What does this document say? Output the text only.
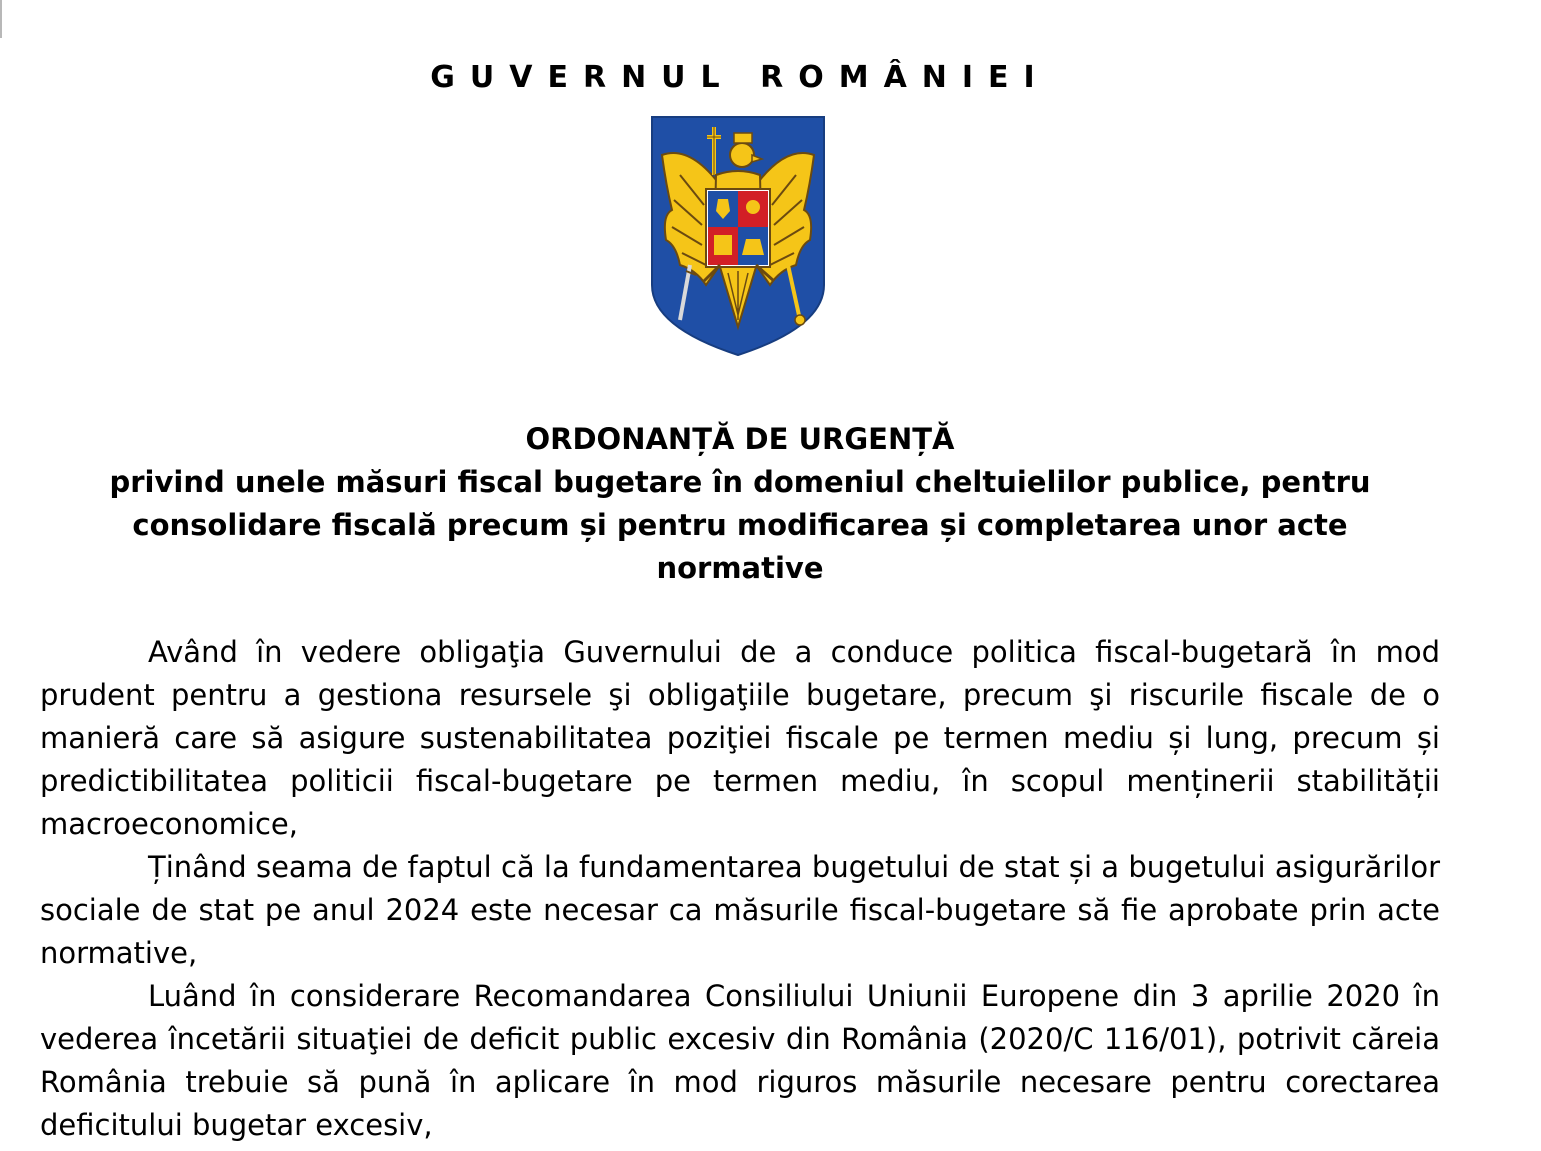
GUVERNUL ROMÂNIEI
ORDONANȚĂ DE URGENȚĂ
privind unele măsuri fiscal bugetare în domeniul cheltuielilor publice, pentru
consolidare fiscală precum și pentru modificarea și completarea unor acte
normative

Având în vedere obligaţia Guvernului de a conduce politica fiscal-bugetară în mod prudent pentru a gestiona resursele şi obligaţiile bugetare, precum şi riscurile fiscale de o manieră care să asigure sustenabilitatea poziţiei fiscale pe termen mediu și lung, precum și predictibilitatea politicii fiscal-bugetare pe termen mediu, în scopul menținerii stabilității macroeconomice,

Ținând seama de faptul că la fundamentarea bugetului de stat și a bugetului asigurărilor sociale de stat pe anul 2024 este necesar ca măsurile fiscal-bugetare să fie aprobate prin acte normative,

Luând în considerare Recomandarea Consiliului Uniunii Europene din 3 aprilie 2020 în vederea încetării situaţiei de deficit public excesiv din România (2020/C 116/01), potrivit căreia România trebuie să pună în aplicare în mod riguros măsurile necesare pentru corectarea deficitului bugetar excesiv,
